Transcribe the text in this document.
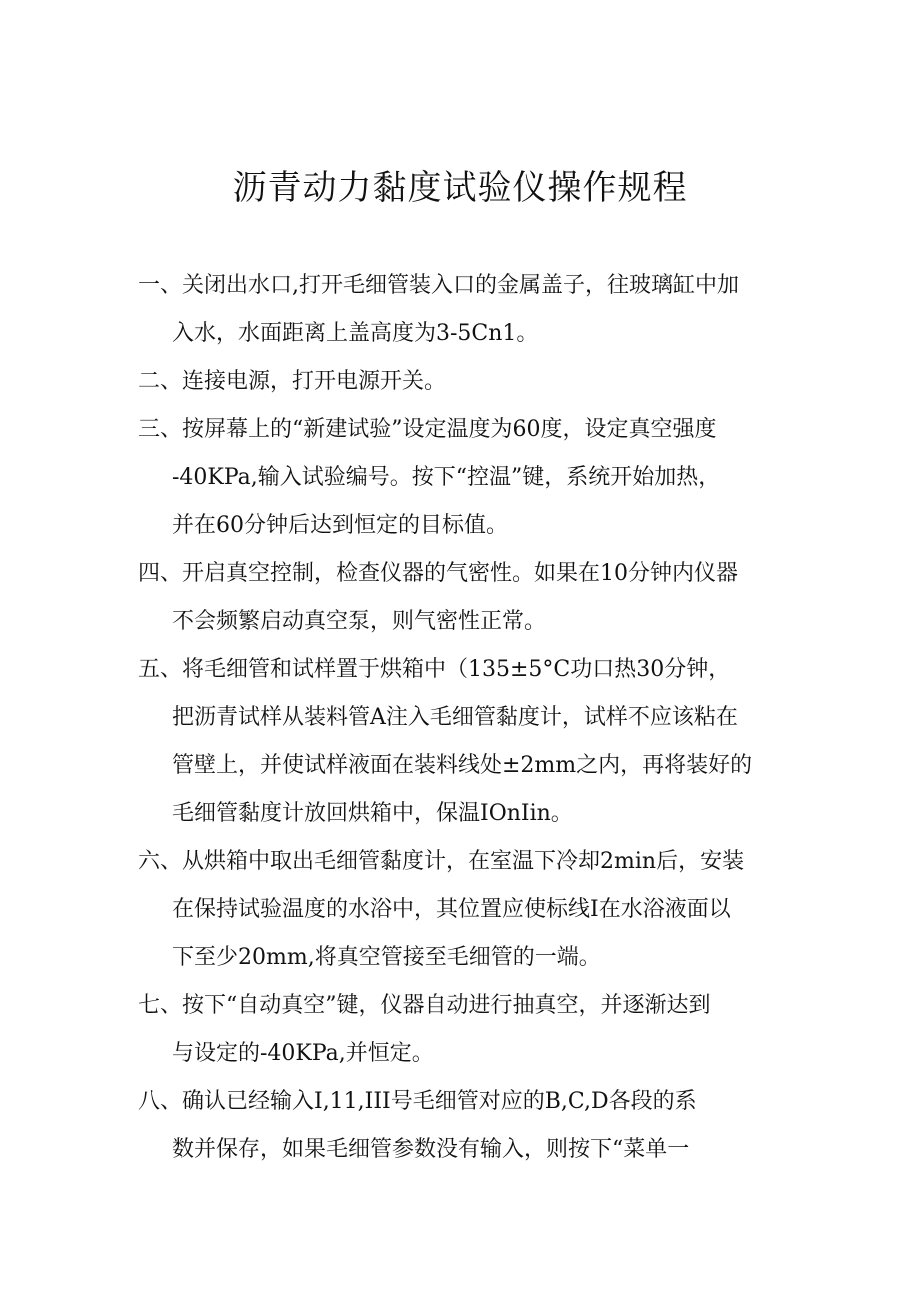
沥青动力黏度试验仪操作规程
一、 关闭出水口,打开毛细管装入口的金属盖子，往玻璃缸中加
入水，水面距离上盖高度为3-5Cn1。
二、 连接电源，打开电源开关。
三、 按屏幕上的“新建试验”设定温度为60度，设定真空强度
-40KPa,输入试验编号。按下“控温”键，系统开始加热，
并在60分钟后达到恒定的目标值。
四、 开启真空控制，检查仪器的气密性。如果在10分钟内仪器
不会频繁启动真空泵，则气密性正常。
五、 将毛细管和试样置于烘箱中（135±5°C功口热30分钟，
把沥青试样从装料管A注入毛细管黏度计，试样不应该粘在
管壁上，并使试样液面在装料线处±2mm之内，再将装好的
毛细管黏度计放回烘箱中，保温IOnIin。
六、 从烘箱中取出毛细管黏度计，在室温下冷却2min后，安装
在保持试验温度的水浴中，其位置应使标线I在水浴液面以
下至少20mm,将真空管接至毛细管的一端。
七、 按下“自动真空”键，仪器自动进行抽真空，并逐渐达到
与设定的-40KPa,并恒定。
八、 确认已经输入I,11,III号毛细管对应的B,C,D各段的系
数并保存，如果毛细管参数没有输入，则按下“菜单一
